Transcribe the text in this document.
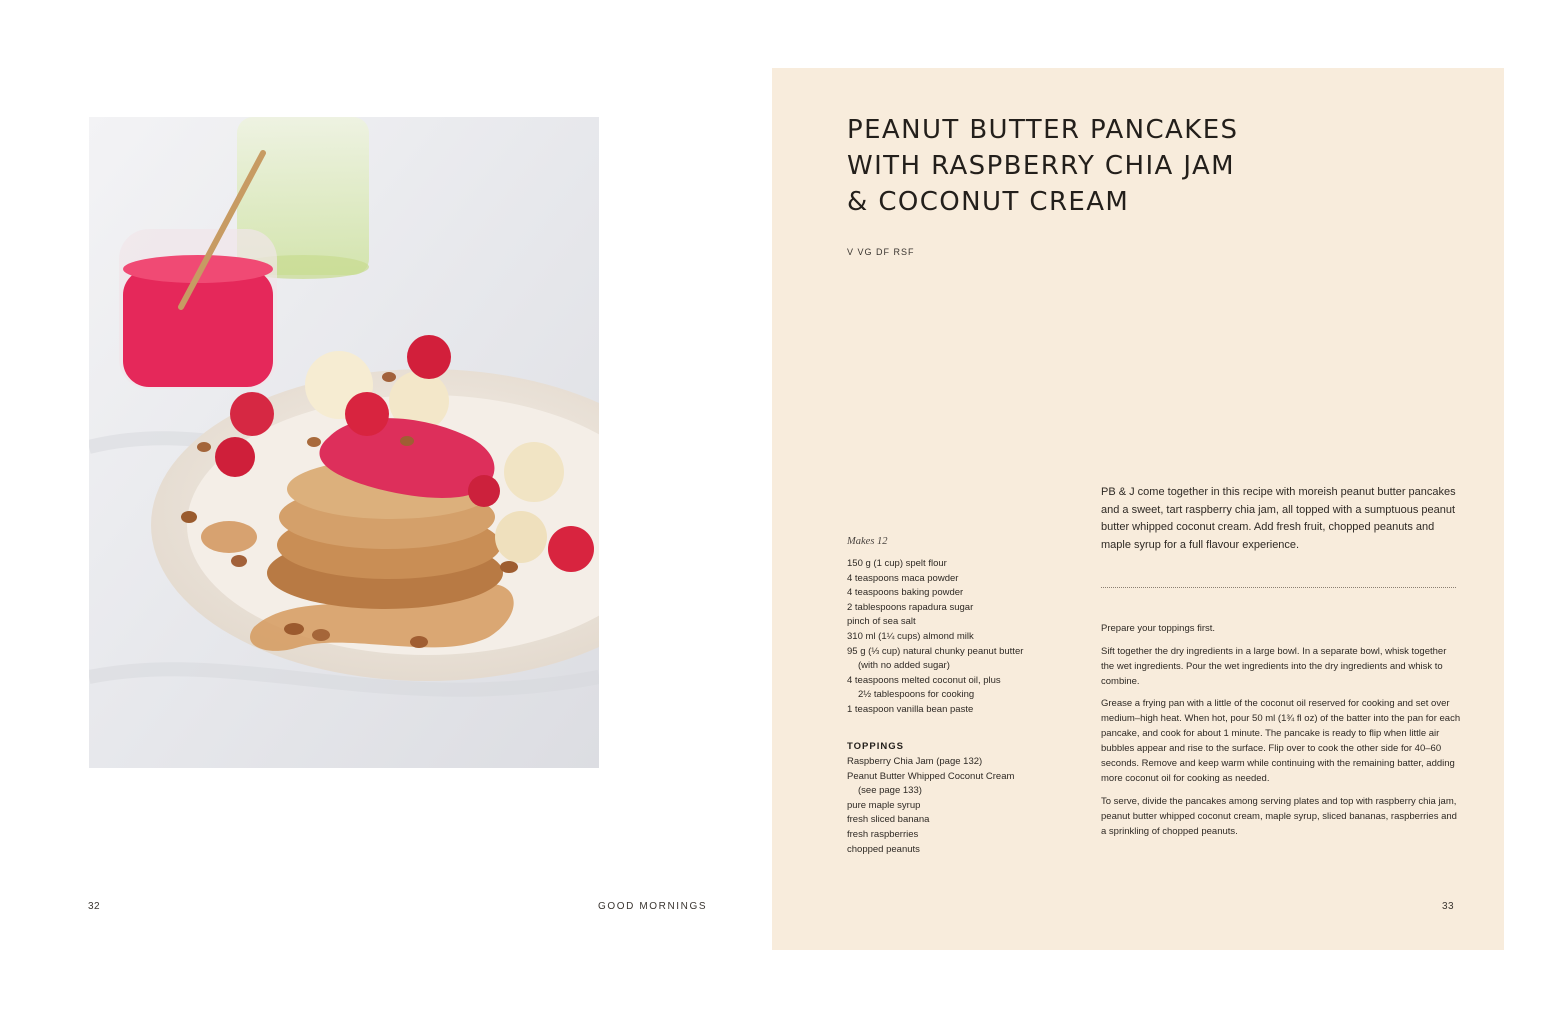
32	GOOD MORNINGS
PEANUT BUTTER PANCAKES
WITH RASPBERRY CHIA JAM
& COCONUT CREAM
V VG DF RSF

PB & J come together in this recipe with moreish peanut butter pancakes and a sweet, tart raspberry chia jam, all topped with a sumptuous peanut butter whipped coconut cream. Add fresh fruit, chopped peanuts and maple syrup for a full flavour experience.

Makes 12
150 g (1 cup) spelt flour
4 teaspoons maca powder
4 teaspoons baking powder
2 tablespoons rapadura sugar
pinch of sea salt
310 ml (1¼ cups) almond milk
95 g (⅓ cup) natural chunky peanut butter
(with no added sugar)
4 teaspoons melted coconut oil, plus
2½ tablespoons for cooking
1 teaspoon vanilla bean paste
TOPPINGS
Raspberry Chia Jam (page 132)
Peanut Butter Whipped Coconut Cream
(see page 133)
pure maple syrup
fresh sliced banana
fresh raspberries
chopped peanuts

Prepare your toppings first.

Sift together the dry ingredients in a large bowl. In a separate bowl, whisk together the wet ingredients. Pour the wet ingredients into the dry ingredients and whisk to combine.

Grease a frying pan with a little of the coconut oil reserved for cooking and set over medium–high heat. When hot, pour 50 ml (1¾ fl oz) of the batter into the pan for each pancake, and cook for about 1 minute. The pancake is ready to flip when little air bubbles appear and rise to the surface. Flip over to cook the other side for 40–60 seconds. Remove and keep warm while continuing with the remaining batter, adding more coconut oil for cooking as needed.

To serve, divide the pancakes among serving plates and top with raspberry chia jam, peanut butter whipped coconut cream, maple syrup, sliced bananas, raspberries and a sprinkling of chopped peanuts.

33
